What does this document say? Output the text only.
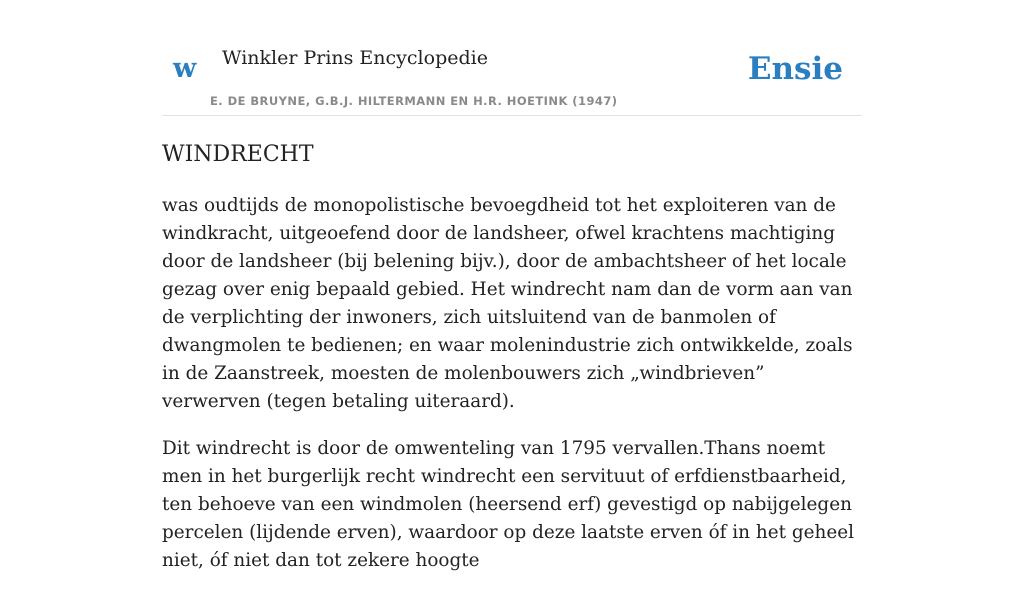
w Winkler Prins Encyclopedie
E. DE BRUYNE, G.B.J. HILTERMANN EN H.R. HOETINK (1947)
Ensie
WINDRECHT

was oudtijds de monopolistische bevoegdheid tot het exploiteren van de windkracht, uitgeoefend door de landsheer, ofwel krachtens machtiging door de landsheer (bij belening bijv.), door de ambachtsheer of het locale gezag over enig bepaald gebied. Het windrecht nam dan de vorm aan van de verplichting der inwoners, zich uitsluitend van de banmolen of dwangmolen te bedienen; en waar molenindustrie zich ontwikkelde, zoals in de Zaanstreek, moesten de molenbouwers zich „windbrieven” verwerven (tegen betaling uiteraard).

Dit windrecht is door de omwenteling van 1795 vervallen.Thans noemt men in het burgerlijk recht windrecht een servituut of erfdienstbaarheid, ten behoeve van een windmolen (heersend erf) gevestigd op nabijgelegen percelen (lijdende erven), waardoor op deze laatste erven óf in het geheel niet, óf niet dan tot zekere hoogte
